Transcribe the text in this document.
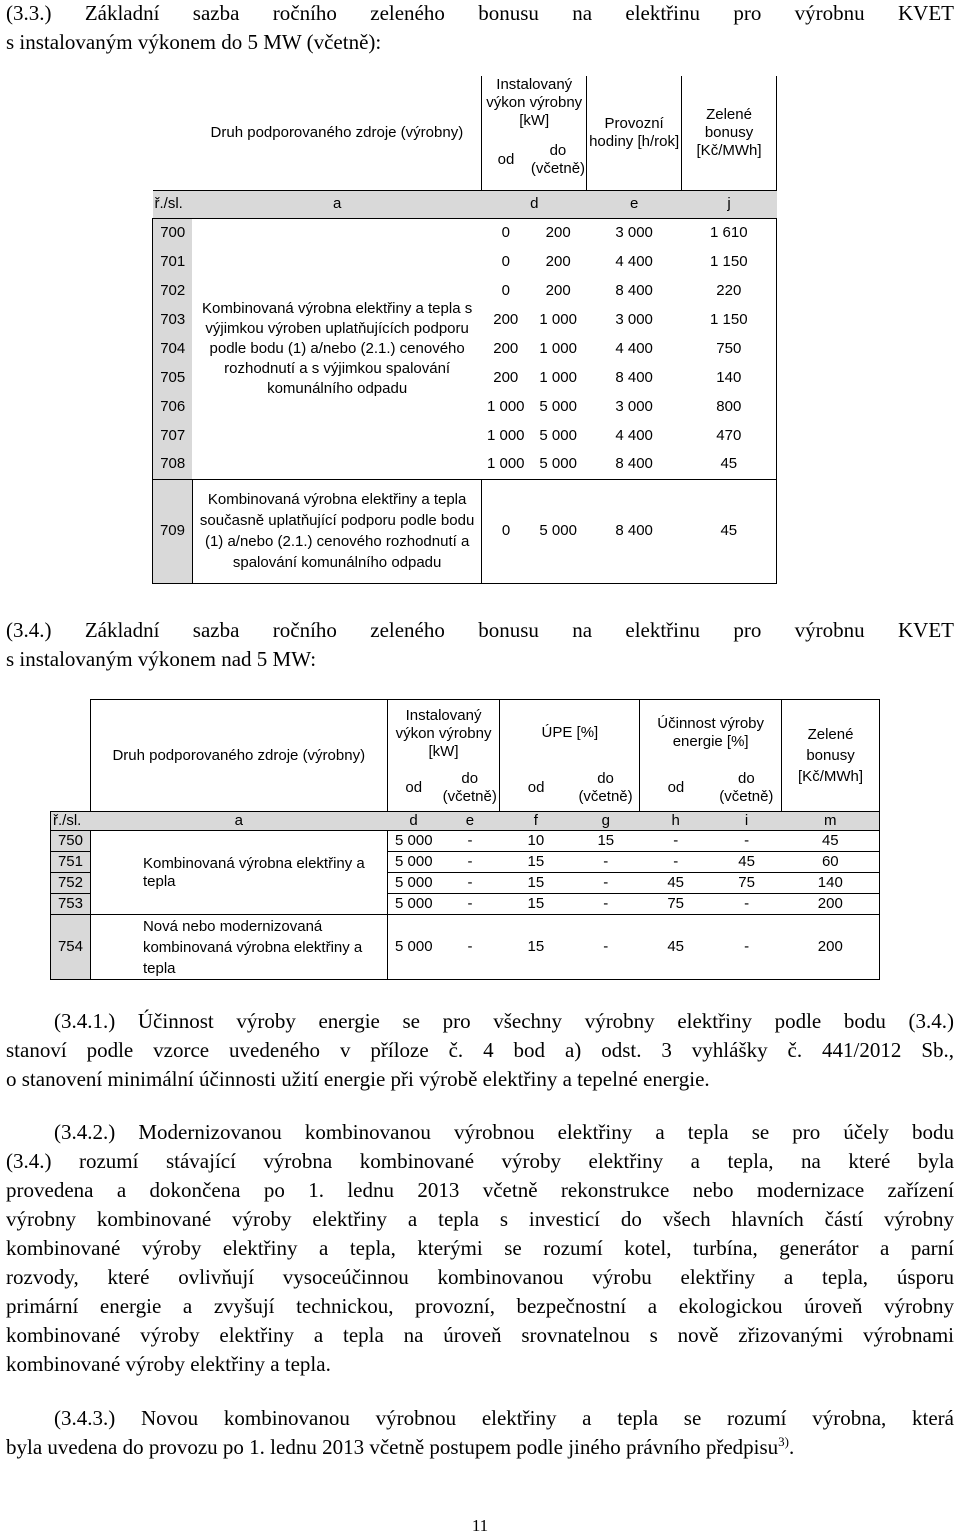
(3.3.) Základní sazba ročního zeleného bonusu na elektřinu pro výrobnu KVET
s instalovaným výkonem do 5 MW (včetně):
	Druh podporovaného zdroje (výrobny)	Instalovaný výkon výrobny [kW]		Provozní hodiny [h/rok]	Zelené bonusy [Kč/MWh]
		od	do (včetně)		
ř./sl.	a	d		e	j
700		0	200	3 000	1 610
701		0	200	4 400	1 150
702	Kombinovaná výrobna elektřiny a tepla s výjimkou výroben uplatňujících podporu podle bodu (1) a/nebo (2.1.) cenového rozhodnutí a s výjimkou spalování komunálního odpadu	0	200	8 400	220
703		200	1 000	3 000	1 150
704		200	1 000	4 400	750
705		200	1 000	8 400	140
706		1 000	5 000	3 000	800
707		1 000	5 000	4 400	470
708		1 000	5 000	8 400	45
709	Kombinovaná výrobna elektřiny a tepla současně uplatňující podporu podle bodu (1) a/nebo (2.1.) cenového rozhodnutí a spalování komunálního odpadu	0	5 000	8 400	45
(3.4.) Základní sazba ročního zeleného bonusu na elektřinu pro výrobnu KVET
s instalovaným výkonem nad 5 MW:
	Druh podporovaného zdroje (výrobny)	Instalovaný výkon výrobny [kW]		ÚPE [%]		Účinnost výroby energie [%]		Zelené bonusy [Kč/MWh]
		od	do (včetně)	od	do (včetně)	od	do (včetně)	
ř./sl.	a	d	e	f	g	h	i	m
750	Kombinovaná výrobna elektřiny a tepla	5 000	-	10	15	-	-	45
751		5 000	-	15	-	-	45	60
752		5 000	-	15	-	45	75	140
753		5 000	-	15	-	75	-	200
754	Nová nebo modernizovaná kombinovaná výrobna elektřiny a tepla	5 000	-	15	-	45	-	200
(3.4.1.) Účinnost výroby energie se pro všechny výrobny elektřiny podle bodu (3.4.)
stanoví podle vzorce uvedeného v příloze č. 4 bod a) odst. 3 vyhlášky č. 441/2012 Sb.,
o stanovení minimální účinnosti užití energie při výrobě elektřiny a tepelné energie.
(3.4.2.) Modernizovanou kombinovanou výrobnou elektřiny a tepla se pro účely bodu
(3.4.) rozumí stávající výrobna kombinované výroby elektřiny a tepla, na které byla
provedena a dokončena po 1. lednu 2013 včetně rekonstrukce nebo modernizace zařízení
výrobny kombinované výroby elektřiny a tepla s investicí do všech hlavních částí výrobny
kombinované výroby elektřiny a tepla, kterými se rozumí kotel, turbína, generátor a parní
rozvody, které ovlivňují vysoceúčinnou kombinovanou výrobu elektřiny a tepla, úsporu
primární energie a zvyšují technickou, provozní, bezpečnostní a ekologickou úroveň výrobny
kombinované výroby elektřiny a tepla na úroveň srovnatelnou s nově zřizovanými výrobnami
kombinované výroby elektřiny a tepla.
(3.4.3.) Novou kombinovanou výrobnou elektřiny a tepla se rozumí výrobna, která
byla uvedena do provozu po 1. lednu 2013 včetně postupem podle jiného právního předpisu$^{3)}$.
11
